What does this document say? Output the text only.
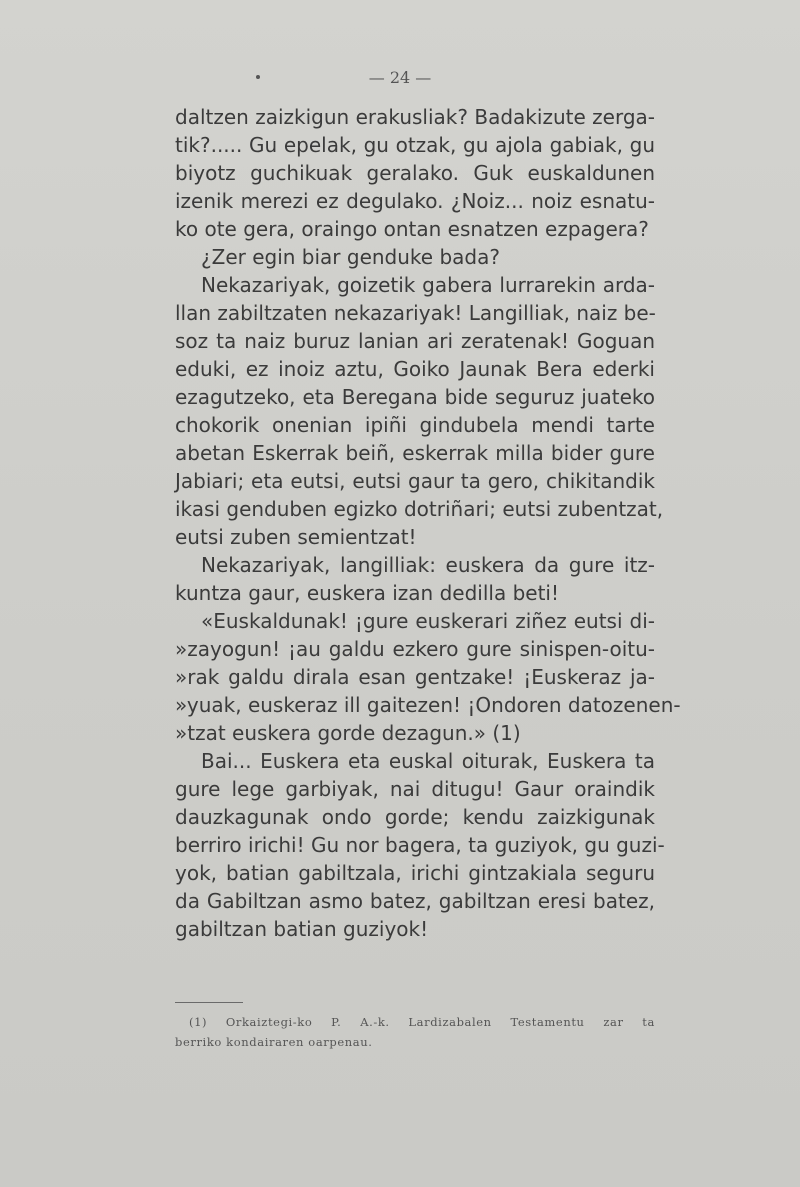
— 24 —
daltzen zaizkigun erakusliak? Badakizute zerga-
tik?..... Gu epelak, gu otzak, gu ajola gabiak, gu
biyotz guchikuak geralako. Guk euskaldunen
izenik merezi ez degulako. ¿Noiz... noiz esnatu-
ko ote gera, oraingo ontan esnatzen ezpagera?
¿Zer egin biar genduke bada?
Nekazariyak, goizetik gabera lurrarekin arda-
llan zabiltzaten nekazariyak! Langilliak, naiz be-
soz ta naiz buruz lanian ari zeratenak! Goguan
eduki, ez inoiz aztu, Goiko Jaunak Bera ederki
ezagutzeko, eta Beregana bide seguruz juateko
chokorik onenian ipiñi gindubela mendi tarte
abetan Eskerrak beiñ, eskerrak milla bider gure
Jabiari; eta eutsi, eutsi gaur ta gero, chikitandik
ikasi genduben egizko dotriñari; eutsi zubentzat,
eutsi zuben semientzat!
Nekazariyak, langilliak: euskera da gure itz-
kuntza gaur, euskera izan dedilla beti!
«Euskaldunak! ¡gure euskerari ziñez eutsi di-
»zayogun! ¡au galdu ezkero gure sinispen-oitu-
»rak galdu dirala esan gentzake! ¡Euskeraz ja-
»yuak, euskeraz ill gaitezen! ¡Ondoren datozenen-
»tzat euskera gorde dezagun.» (1)
Bai... Euskera eta euskal oiturak, Euskera ta
gure lege garbiyak, nai ditugu! Gaur oraindik
dauzkagunak ondo gorde; kendu zaizkigunak
berriro irichi! Gu nor bagera, ta guziyok, gu guzi-
yok, batian gabiltzala, irichi gintzakiala seguru
da Gabiltzan asmo batez, gabiltzan eresi batez,
gabiltzan batian guziyok!
(1) Orkaiztegi-ko P. A.-k. Lardizabalen Testamentu zar ta
berriko kondairaren oarpenau.
